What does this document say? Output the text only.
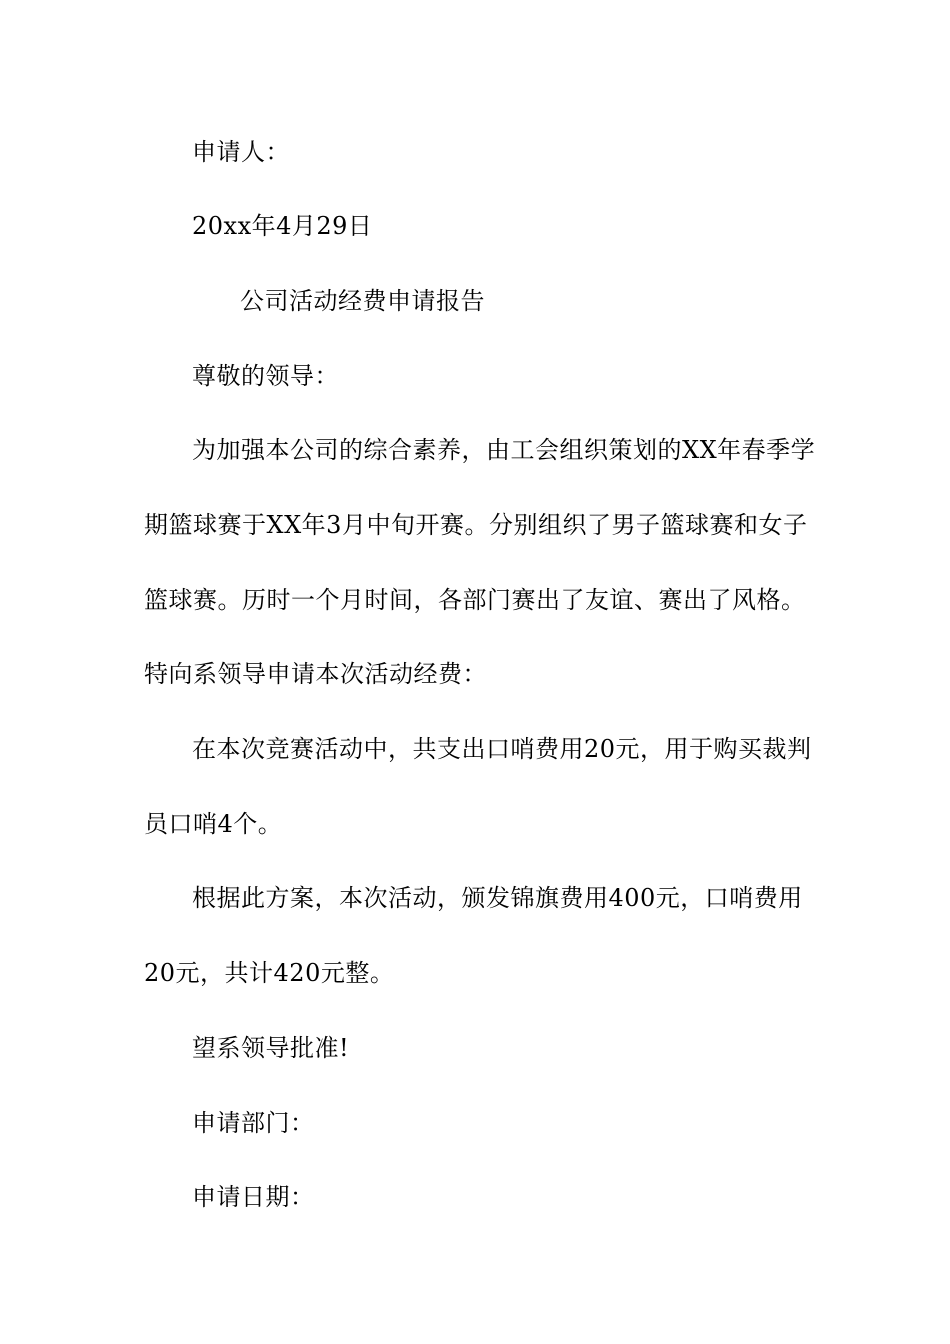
申请人：
20xx年4月29日
公司活动经费申请报告
尊敬的领导：
为加强本公司的综合素养，由工会组织策划的XX年春季学
期篮球赛于XX年3月中旬开赛。分别组织了男子篮球赛和女子
篮球赛。历时一个月时间，各部门赛出了友谊、赛出了风格。
特向系领导申请本次活动经费：
在本次竞赛活动中，共支出口哨费用20元，用于购买裁判
员口哨4个。
根据此方案，本次活动，颁发锦旗费用400元，口哨费用
20元，共计420元整。
望系领导批准!
申请部门：
申请日期：
